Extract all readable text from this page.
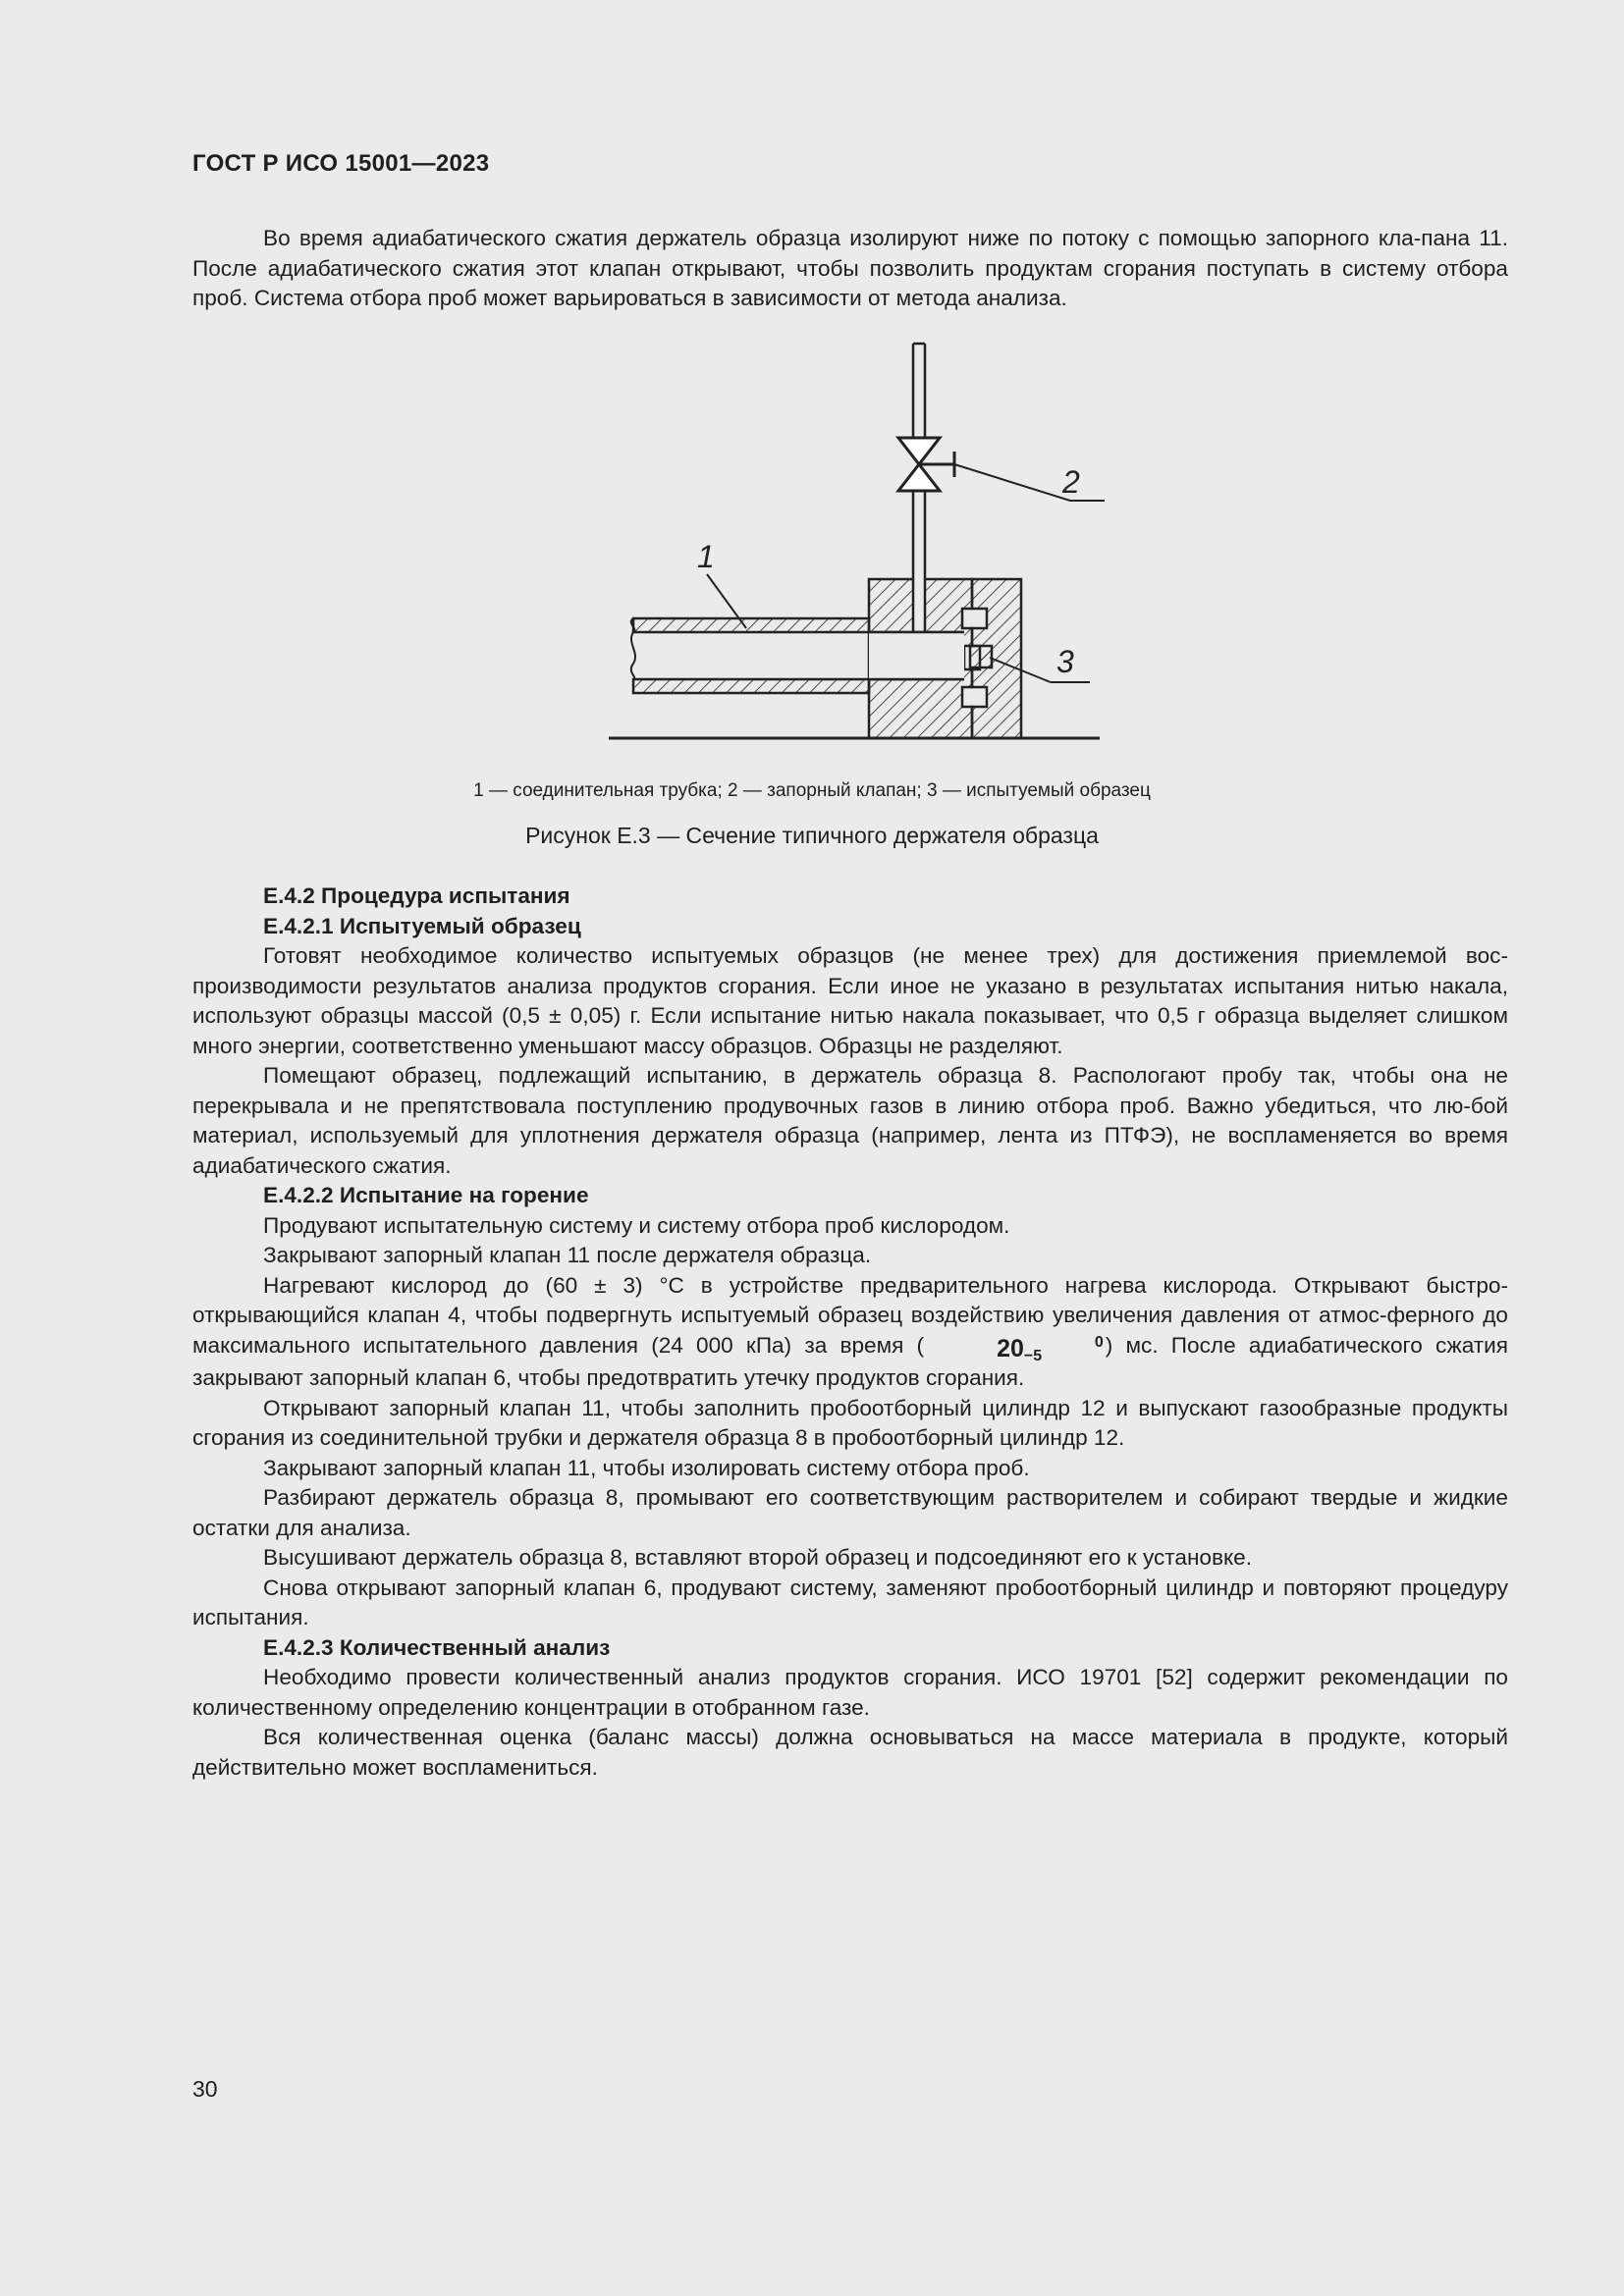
ГОСТ Р ИСО 15001—2023

Во время адиабатического сжатия держатель образца изолируют ниже по потоку с помощью запорного кла-пана 11. После адиабатического сжатия этот клапан открывают, чтобы позволить продуктам сгорания поступать в систему отбора проб. Система отбора проб может варьироваться в зависимости от метода анализа.

1
2
3
1 — соединительная трубка; 2 — запорный клапан; 3 — испытуемый образец
Рисунок E.3 — Сечение типичного держателя образца

E.4.2 Процедура испытания

E.4.2.1 Испытуемый образец

Готовят необходимое количество испытуемых образцов (не менее трех) для достижения приемлемой вос-производимости результатов анализа продуктов сгорания. Если иное не указано в результатах испытания нитью накала, используют образцы массой (0,5 ± 0,05) г. Если испытание нитью накала показывает, что 0,5 г образца выделяет слишком много энергии, соответственно уменьшают массу образцов. Образцы не разделяют.

Помещают образец, подлежащий испытанию, в держатель образца 8. Распологают пробу так, чтобы она не перекрывала и не препятствовала поступлению продувочных газов в линию отбора проб. Важно убедиться, что лю-бой материал, используемый для уплотнения держателя образца (например, лента из ПТФЭ), не воспламеняется во время адиабатического сжатия.

E.4.2.2 Испытание на горение

Продувают испытательную систему и систему отбора проб кислородом.

Закрывают запорный клапан 11 после держателя образца.

Нагревают кислород до (60 ± 3) °C в устройстве предварительного нагрева кислорода. Открывают быстро-открывающийся клапан 4, чтобы подвергнуть испытуемый образец воздействию увеличения давления от атмос-ферного до максимального испытательного давления (24 000 кПа) за время (	20	0
−5	) мс. После адиабатического сжатия закрывают запорный клапан 6, чтобы предотвратить утечку продуктов сгорания.

Открывают запорный клапан 11, чтобы заполнить пробоотборный цилиндр 12 и выпускают газообразные продукты сгорания из соединительной трубки и держателя образца 8 в пробоотборный цилиндр 12.

Закрывают запорный клапан 11, чтобы изолировать систему отбора проб.

Разбирают держатель образца 8, промывают его соответствующим растворителем и собирают твердые и жидкие остатки для анализа.

Высушивают держатель образца 8, вставляют второй образец и подсоединяют его к установке.

Снова открывают запорный клапан 6, продувают систему, заменяют пробоотборный цилиндр и повторяют процедуру испытания.

E.4.2.3 Количественный анализ

Необходимо провести количественный анализ продуктов сгорания. ИСО 19701 [52] содержит рекомендации по количественному определению концентрации в отобранном газе.

Вся количественная оценка (баланс массы) должна основываться на массе материала в продукте, который действительно может воспламениться.

30
